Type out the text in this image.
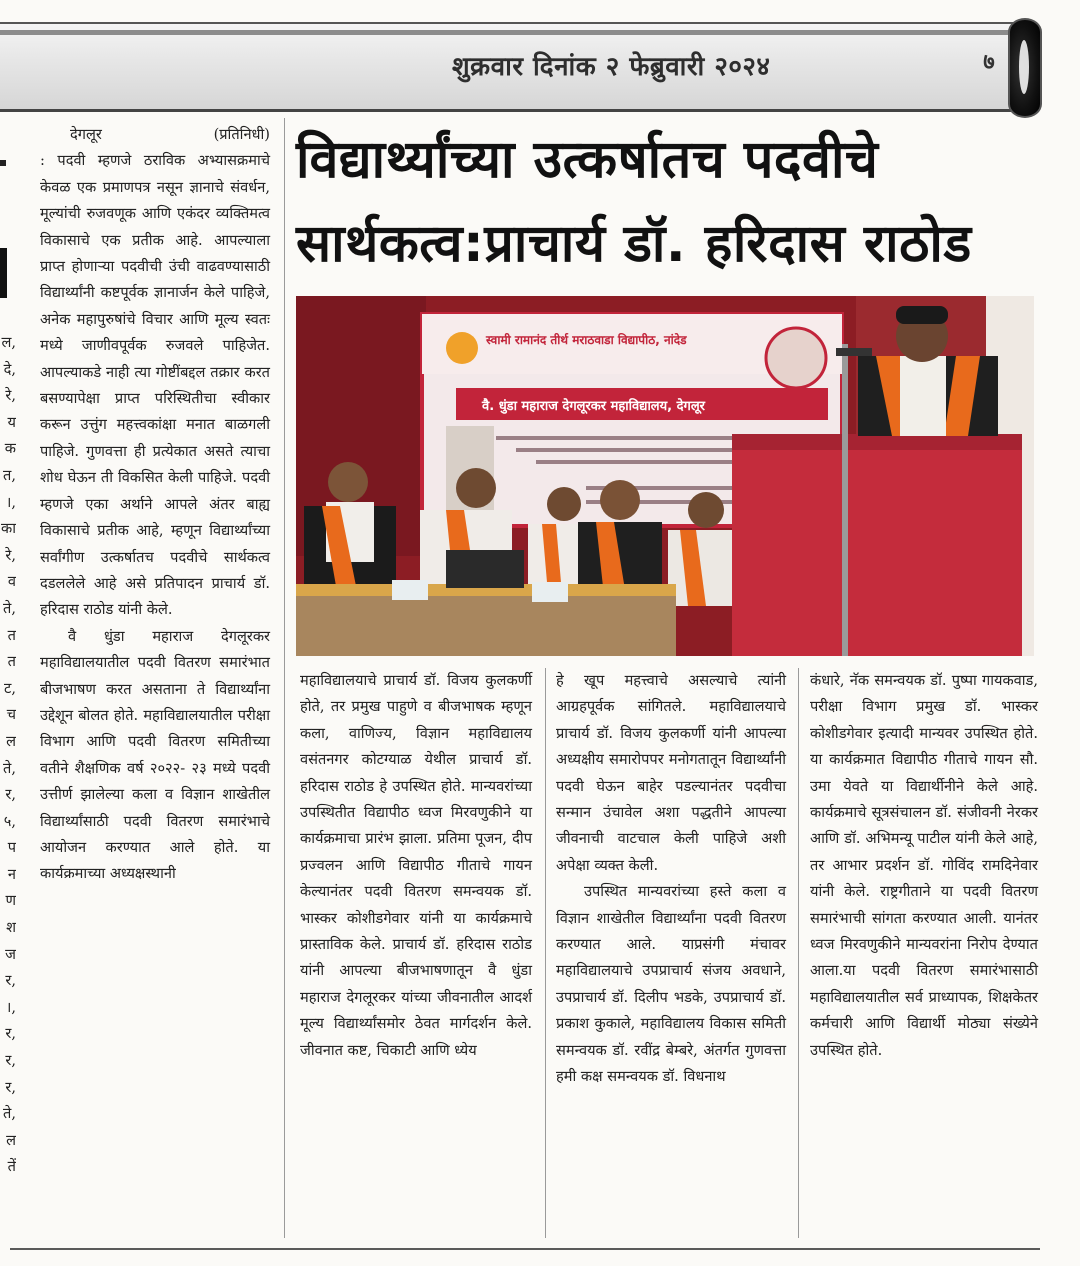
शुक्रवार दिनांक २ फेब्रुवारी २०२४	७
ल,
दे,
रे,
य
क
त,
।,
का
रे,
व
ते,
त
त
ट,
च
ल
ते,
र,
५,
प
न
ण
श
ज
र,
।,
र,
र,
र,
ते,
ल
तें
देगलूर	(प्रतिनिधी)

: पदवी म्हणजे ठराविक अभ्यासक्रमाचे केवळ एक प्रमाणपत्र नसून ज्ञानाचे संवर्धन, मूल्यांची रुजवणूक आणि एकंदर व्यक्तिमत्व विकासाचे एक प्रतीक आहे. आपल्याला प्राप्त होणाऱ्या पदवीची उंची वाढवण्यासाठी विद्यार्थ्यांनी कष्टपूर्वक ज्ञानार्जन केले पाहिजे, अनेक महापुरुषांचे विचार आणि मूल्य स्वतः मध्ये जाणीवपूर्वक रुजवले पाहिजेत. आपल्याकडे नाही त्या गोष्टींबद्दल तक्रार करत बसण्यापेक्षा प्राप्त परिस्थितीचा स्वीकार करून उत्तुंग महत्त्वकांक्षा मनात बाळगली पाहिजे. गुणवत्ता ही प्रत्येकात असते त्याचा शोध घेऊन ती विकसित केली पाहिजे. पदवी म्हणजे एका अर्थाने आपले अंतर बाह्य विकासाचे प्रतीक आहे, म्हणून विद्यार्थ्यांच्या सर्वांगीण उत्कर्षातच पदवीचे सार्थकत्व दडललेले आहे असे प्रतिपादन प्राचार्य डॉ. हरिदास राठोड यांनी केले.

वै धुंडा महाराज देगलूरकर महाविद्यालयातील पदवी वितरण समारंभात बीजभाषण करत असताना ते विद्यार्थ्यांना उद्देशून बोलत होते. महाविद्यालयातील परीक्षा विभाग आणि पदवी वितरण समितीच्या वतीने शैक्षणिक वर्ष २०२२- २३ मध्ये पदवी उत्तीर्ण झालेल्या कला व विज्ञान शाखेतील विद्यार्थ्यांसाठी पदवी वितरण समारंभाचे आयोजन करण्यात आले होते. या कार्यक्रमाच्या अध्यक्षस्थानी

विद्यार्थ्यांच्या उत्कर्षातच पदवीचे
सार्थकत्व:प्राचार्य डॉ. हरिदास राठोड
स्वामी रामानंद तीर्थ मराठवाडा विद्यापीठ, नांदेड
वै. धुंडा महाराज देगलूरकर महाविद्यालय, देगलूर

महाविद्यालयाचे प्राचार्य डॉ. विजय कुलकर्णी होते, तर प्रमुख पाहुणे व बीजभाषक म्हणून कला, वाणिज्य, विज्ञान महाविद्यालय वसंतनगर कोटग्याळ येथील प्राचार्य डॉ. हरिदास राठोड हे उपस्थित होते. मान्यवरांच्या उपस्थितीत विद्यापीठ ध्वज मिरवणुकीने या कार्यक्रमाचा प्रारंभ झाला. प्रतिमा पूजन, दीप प्रज्वलन आणि विद्यापीठ गीताचे गायन केल्यानंतर पदवी वितरण समन्वयक डॉ. भास्कर कोशीडगेवार यांनी या कार्यक्रमाचे प्रास्ताविक केले. प्राचार्य डॉ. हरिदास राठोड यांनी आपल्या बीजभाषणातून वै धुंडा महाराज देगलूरकर यांच्या जीवनातील आदर्श मूल्य विद्यार्थ्यांसमोर ठेवत मार्गदर्शन केले. जीवनात कष्ट, चिकाटी आणि ध्येय

हे खूप महत्त्वाचे असल्याचे त्यांनी आग्रहपूर्वक सांगितले. महाविद्यालयाचे प्राचार्य डॉ. विजय कुलकर्णी यांनी आपल्या अध्यक्षीय समारोपपर मनोगतातून विद्यार्थ्यांनी पदवी घेऊन बाहेर पडल्यानंतर पदवीचा सन्मान उंचावेल अशा पद्धतीने आपल्या जीवनाची वाटचाल केली पाहिजे अशी अपेक्षा व्यक्त केली.

उपस्थित मान्यवरांच्या हस्ते कला व विज्ञान शाखेतील विद्यार्थ्यांना पदवी वितरण करण्यात आले. याप्रसंगी मंचावर महाविद्यालयाचे उपप्राचार्य संजय अवधाने, उपप्राचार्य डॉ. दिलीप भडके, उपप्राचार्य डॉ. प्रकाश कुकाले, महाविद्यालय विकास समिती समन्वयक डॉ. रवींद्र बेम्बरे, अंतर्गत गुणवत्ता हमी कक्ष समन्वयक डॉ. विधनाथ

कंधारे, नॅक समन्वयक डॉ. पुष्पा गायकवाड, परीक्षा विभाग प्रमुख डॉ. भास्कर कोशीडगेवार इत्यादी मान्यवर उपस्थित होते. या कार्यक्रमात विद्यापीठ गीताचे गायन सौ. उमा येवते या विद्यार्थीनीने केले आहे. कार्यक्रमाचे सूत्रसंचालन डॉ. संजीवनी नेरकर आणि डॉ. अभिमन्यू पाटील यांनी केले आहे, तर आभार प्रदर्शन डॉ. गोविंद रामदिनेवार यांनी केले. राष्ट्रगीताने या पदवी वितरण समारंभाची सांगता करण्यात आली. यानंतर ध्वज मिरवणुकीने मान्यवरांना निरोप देण्यात आला.या पदवी वितरण समारंभासाठी महाविद्यालयातील सर्व प्राध्यापक, शिक्षकेतर कर्मचारी आणि विद्यार्थी मोठ्या संख्येने उपस्थित होते.
